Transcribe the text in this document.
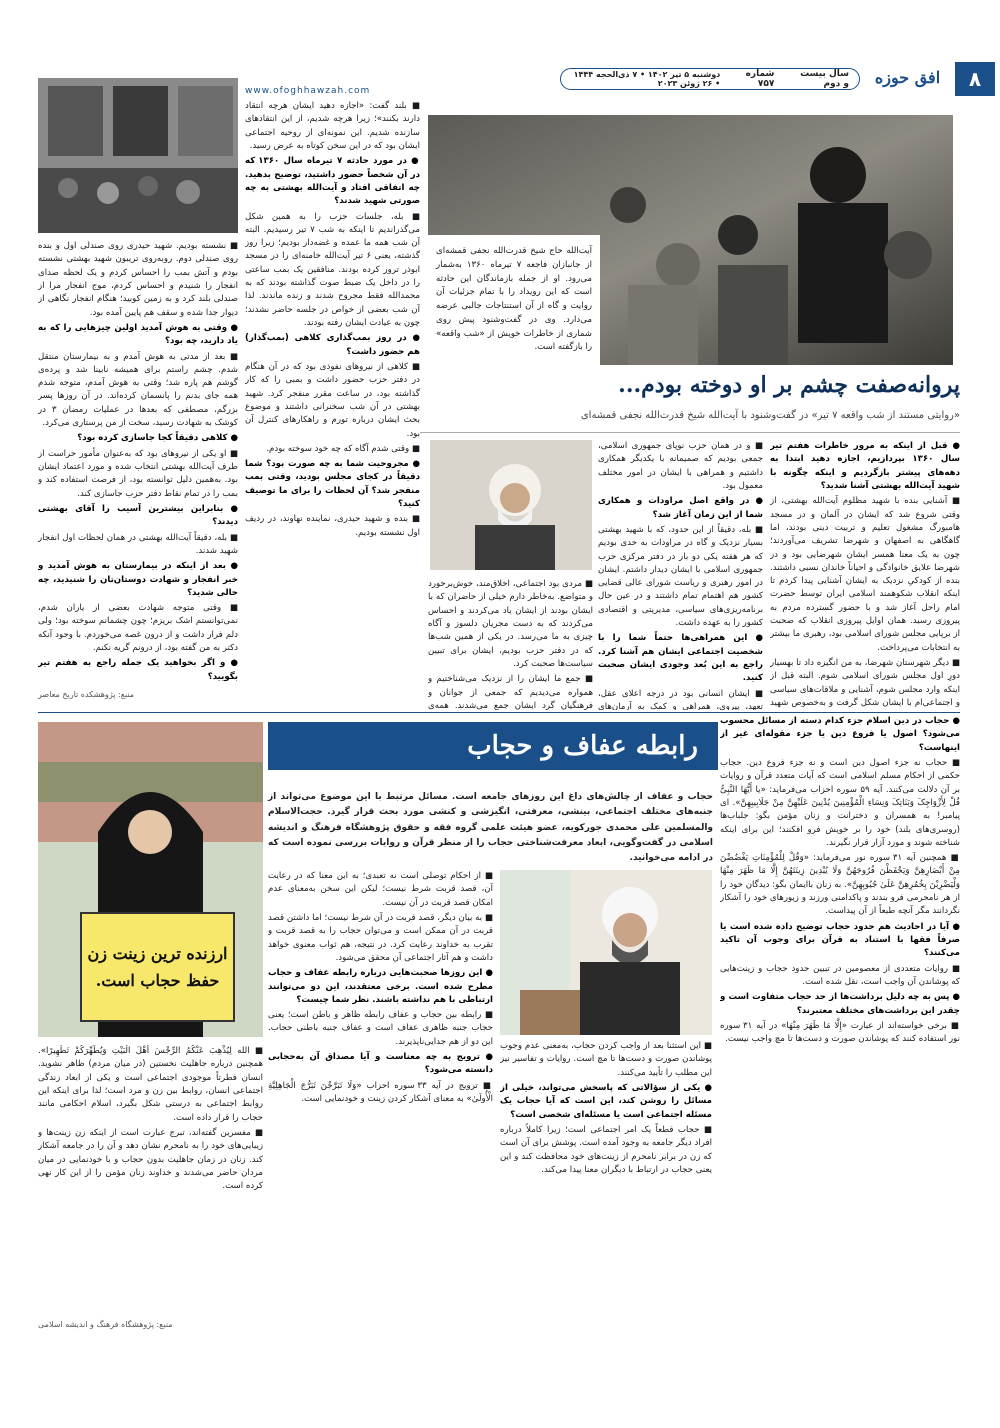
۸
افق حوزه
سال بیست و دوم
شماره ۷۵۷
دوشنبه ۵ تیر ۱۴۰۲ • ۷ ذی‌الحجه ۱۴۴۴ • ۲۶ ژوئن ۲۰۲۳
www.ofoghhawzah.com
آیت‌الله حاج شیخ قدرت‌الله نجفی قمشه‌ای از جانبازان فاجعه ۷ تیرماه ۱۳۶۰ به‌شمار می‌رود. او از جمله بازماندگان این حادثه است که این رویداد را با تمام جزئیات آن روایت و گاه از آن استنتاجات جالبی عرضه می‌دارد. وی در گفت‌وشنود پیش روی شماری از خاطرات خویش از «شب واقعه» را بازگفته است.
پروانه‌صفت چشم بر او دوخته بودم...
«روایتی مستند از شب واقعه ۷ تیر» در گفت‌وشنود با آیت‌الله شیخ قدرت‌الله نجفی قمشه‌ای

● قبل از اینکه به مرور خاطرات هفتم تیر سال ۱۳۶۰ بپردازیم، اجازه دهید ابتدا به دهه‌های پیشتر بازگردیم و اینکه چگونه با شهید آیت‌الله بهشتی آشنا شدید؟

■ آشنایی بنده با شهید مظلوم آیت‌الله بهشتی، از وقتی شروع شد که ایشان در آلمان و در مسجد هامبورگ مشغول تعلیم و تربیت دینی بودند، اما گاهگاهی به اصفهان و شهرضا تشریف می‌آوردند؛ چون به یک معنا همسر ایشان شهرضایی بود و در شهرضا علایق خانوادگی و احیاناً خاندان نسبی داشتند. بنده از کودکیِ نزدیک به ایشان آشنایی پیدا کردم تا اینکه انقلاب شکوهمند اسلامی ایران توسط حضرت امام راحل آغاز شد و با حضور گسترده مردم به پیروزی رسید. همان اوایل پیروزی انقلاب که صحبت از برپایی مجلس شورای اسلامی بود، رهبری ما بیشتر به انتخابات می‌پرداخت.

■ دیگر شهرستان شهرضا، به من انگیزه داد تا بهسیار دورِ اول مجلس شورای اسلامی شوم. البته قبل از اینکه وارد مجلس شوم، آشنایی و ملاقات‌های سیاسی و اجتماعی‌ام با ایشان شکل گرفت و به‌خصوص شهید

■ و در همان حزب نوپای جمهوری اسلامی، جمعی بودیم که صمیمانه با یکدیگر همکاری داشتیم و همراهی با ایشان در امور مختلف معمول بود.

● در واقع اصل مراودات و همکاری شما از این زمان آغاز شد؟

■ بله، دقیقاً از این حدود، که با شهید بهشتی بسیار نزدیک و گاه در مراودات به حدی بودیم که هر هفته یکی دو بار در دفتر مرکزی حزب جمهوری اسلامی با ایشان دیدار داشتم. ایشان در امور رهبری و ریاست شورای عالی قضایی کشور هم اهتمام تمام داشتند و در عین حال برنامه‌ریزی‌های سیاسی، مدیریتی و اقتصادی کشور را به عهده داشت.

● این همراهی‌ها حتماً شما را با شخصیت اجتماعی ایشان هم آشنا کرد. راجع به این بُعد وجودی ایشان صحبت کنید.

■ ایشان انسانی بود در درجه اعلای عقل، تعهد، پیروی، همراهی و کمک به آرمان‌های

■ مردی بود اجتماعی، اخلاق‌مند، خوش‌برخورد و متواضع. به‌خاطر دارم خیلی از حاضران که با ایشان بودند از ایشان یاد می‌کردند و احساس می‌کردند که به دست مجریان دلسوز و آگاه چیزی به ما می‌رسد. در یکی از همین شب‌ها که در دفتر حزب بودیم، ایشان برای تبیین سیاست‌ها صحبت کرد.

■ جمع ما ایشان را از نزدیک می‌شناختیم و همواره می‌دیدیم که جمعی از جوانان و فرهنگیان گرد ایشان جمع می‌شدند. همه‌ی

■ بلند گفت: «اجازه دهید ایشان هرچه انتقاد دارند بکنند»؛ زیرا هرچه شدیم، از این انتقادهای سازنده شدیم. این نمونه‌ای از روحیه اجتماعی ایشان بود که در این سخن کوتاه به عرض رسید.

● در مورد حادثه ۷ تیرماه سال ۱۳۶۰ که در آن شخصاً حضور داشتید، توضیح بدهید. چه اتفاقی افتاد و آیت‌الله بهشتی به چه صورتی شهید شدند؟

■ بله، جلسات حزب را به همین شکل می‌گذراندیم تا اینکه به شب ۷ تیر رسیدیم. البته آن شب همه ما عمده و غضه‌دار بودیم؛ زیرا روز گذشته، یعنی ۶ تیر آیت‌الله خامنه‌ای را در مسجد ابوذر ترور کرده بودند. منافقین یک بمب ساعتی را در داخل یک ضبط صوت گذاشته بودند که به محمدالله فقط مجروح شدند و زنده ماندند. لذا آن شب بعضی از خواص در جلسه حاضر نشدند؛ چون به عیادت ایشان رفته بودند.

● در روز بمب‌گذاری کلاهی (بمب‌گذار) هم حضور داشت؟

■ کلاهی از نیروهای نفوذی بود که در آن هنگام در دفتر حزب حضور داشت و بمبی را که کار گذاشته بود، در ساعت مقرر منفجر کرد. شهید بهشتی در آن شب سخنرانی داشتند و موضوع بحث ایشان درباره تورم و راهکارهای کنترل آن بود.

■ وقتی شدم آگاه که چه خود سوخته بودم.

● مجروحیت شما به چه صورت بود؟ شما دقیقاً در کجای مجلس بودید، وقتی بمب منفجر شد؟ آن لحظات را برای ما توصیف کنید؟

■ بنده و شهید حیدری، نماینده نهاوند، در ردیف اول نشسته بودیم.

■ نشسته بودیم. شهید حیدری روی صندلی اول و بنده روی صندلی دوم. روبه‌روی تریبون شهید بهشتی نشسته بودم و آتش بمب را احساس کردم و یک لحظه صدای انفجار را شنیدم و احساس کردم، موج انفجار مرا از صندلی بلند کرد و به زمین کوبید؛ هنگام انفجار نگاهی از دیوار جدا شده و سقف هم پایین آمده بود.

● وقتی به هوش آمدید اولین چیزهایی را که به یاد دارید، چه بود؟

■ بعد از مدتی به هوش آمدم و به بیمارستان منتقل شدم. چشم راستم برای همیشه نابینا شد و پرده‌ی گوشم هم پاره شد؛ وقتی به هوش آمدم، متوجه شدم همه جای بدنم را پانسمان کرده‌اند. در آن روزها پسر بزرگم، مصطفی که بعدها در عملیات رمضان ۳ در کوشک به شهادت رسید، سخت از من پرستاری می‌کرد.

● کلاهی دقیقاً کجا جاسازی کرده بود؟

■ او یکی از نیروهای بود که به‌عنوان مأمور حراست از طرف آیت‌الله بهشتی انتخاب شده و مورد اعتماد ایشان بود. به‌همین دلیل توانسته بود، از فرصت استفاده کند و بمب را در تمام نقاط دفتر حزب جاسازی کند.

● بنابراین بیشترین آسیب را آقای بهشتی دیدند؟

■ بله، دقیقاً آیت‌الله بهشتی در همان لحظات اول انفجار شهید شدند.

● بعد از اینکه در بیمارستان به هوش آمدید و خبر انفجار و شهادت دوستان‌تان را شنیدید، چه حالی شدید؟

■ وقتی متوجه شهادت بعضی از یاران شدم، نمی‌توانستم اشک بریزم؛ چون چشمانم سوخته بود؛ ولی دلم فرار داشت و از درون غصه می‌خوردم. با وجود آنکه دکتر به من گفته بود، از درونم گریه نکنم.

● و اگر بخواهید یک جمله راجع به هفتم تیر بگویید؟

منبع: پژوهشکده تاریخ معاصر
رابطه عفاف و حجاب
حجاب و عفاف از چالش‌های داغ این روزهای جامعه است. مسائل مرتبط با این موضوع می‌تواند از جنبه‌های مختلف اجتماعی، بینشی، معرفتی، انگیزشی و کنشی مورد بحث قرار گیرد. حجت‌الاسلام والمسلمین علی محمدی جورکویه، عضو هیئت علمی گروه فقه و حقوق پژوهشگاه فرهنگ و اندیشه اسلامی در گفت‌وگویی، ابعاد معرفت‌شناختی حجاب را از منظر قرآن و روایات بررسی نموده است که در ادامه می‌خوانید.
ارزنده ترین زینت زن
حفظ حجاب است.

● حجاب در دین اسلام جزء کدام دسته از مسائل محسوب می‌شود؟ اصول یا فروع دین یا جزء مقوله‌ای غیر از اینهاست؟

■ حجاب نه جزء اصول دین است و نه جزء فروع دین. حجاب حکمی از احکام مسلم اسلامی است که آیات متعدد قرآن و روایات بر آن دلالت می‌کنند. آیه ۵۹ سوره احزاب می‌فرماید: «یا أَیُّهَا النَّبِیُّ قُلْ لِأَزْوَاجِکَ وَبَنَاتِکَ وَنِسَاءِ الْمُؤْمِنِینَ یُدْنِینَ عَلَیْهِنَّ مِنْ جَلَابِیبِهِنَّ». ای پیامبر! به همسران و دخترانت و زنان مؤمن بگو: جلباب‌ها (روسری‌های بلند) خود را بر خویش فرو افکنند؛ این برای اینکه شناخته شوند و مورد آزار قرار نگیرند.

■ همچنین آیه ۳۱ سوره نور می‌فرماید: «وَقُلْ لِلْمُؤْمِنَاتِ یَغْضُضْنَ مِنْ أَبْصَارِهِنَّ وَیَحْفَظْنَ فُرُوجَهُنَّ وَلَا یُبْدِینَ زِینَتَهُنَّ إِلَّا مَا ظَهَرَ مِنْهَا وَلْیَضْرِبْنَ بِخُمُرِهِنَّ عَلَیٰ جُیُوبِهِنَّ». به زنان باایمان بگو: دیدگان خود را از هر نامحرمی فرو بندند و پاکدامنی ورزند و زیورهای خود را آشکار نگردانند مگر آنچه طبعاً از آن پیداست.

● آیا در احادیث هم حدود حجاب توضیح داده شده است یا صرفاً فقها با استناد به قرآن برای وجوب آن تاکید می‌کنند؟

■ روایات متعددی از معصومین در تبیین حدود حجاب و زینت‌هایی که پوشاندن آن واجب است، نقل شده است.

● پس به چه دلیل برداشت‌ها از حد حجاب متفاوت است و چقدر این برداشت‌های مختلف معتبرند؟

■ برخی خواسته‌اند از عبارت «إِلَّا مَا ظَهَرَ مِنْهَا» در آیه ۳۱ سوره نور استفاده کنند که پوشاندن صورت و دست‌ها تا مچ واجب نیست.

■ این استثنا بعد از واجب کردن حجاب، به‌معنی عدم وجوب پوشاندن صورت و دست‌ها تا مچ است. روایات و تفاسیر نیز این مطلب را تأیید می‌کنند.

● یکی از سؤالاتی که پاسخش می‌تواند، خیلی از مسائل را روشن کند، این است که آیا حجاب یک مسئله اجتماعی است یا مسئله‌ای شخصی است؟

■ حجاب قطعاً یک امر اجتماعی است؛ زیرا کاملاً درباره افراد دیگر جامعه به وجود آمده است. پوشش برای آن است که زن در برابر نامحرم از زینت‌های خود محافظت کند و این یعنی حجاب در ارتباط با دیگران معنا پیدا می‌کند.

■ از احکام توصلی است نه تعبدی؛ به این معنا که در رعایت آن، قصد قربت شرط نیست؛ لیکن این سخن به‌معنای عدم امکان قصد قربت در آن نیست.

■ به بیان دیگر، قصد قربت در آن شرط نیست؛ اما داشتن قصد قربت در آن ممکن است و می‌توان حجاب را به قصد قربت و تقرب به خداوند رعایت کرد. در نتیجه، هم ثواب معنوی خواهد داشت و هم آثار اجتماعی آن محقق می‌شود.

● این روزها صحبت‌هایی درباره رابطه عفاف و حجاب مطرح شده است. برخی معتقدند، این دو می‌توانند ارتباطی با هم نداشته باشند. نظر شما چیست؟

■ رابطه بین حجاب و عفاف رابطه ظاهر و باطن است؛ یعنی حجاب جنبه ظاهری عفاف است و عفاف جنبه باطنی حجاب. این دو از هم جدایی‌ناپذیرند.

● ترویج به چه معناست و آیا مصداق آن به‌حجابی دانسته می‌شود؟

■ ترویج در آیه ۳۳ سوره احزاب «وَلَا تَبَرَّجْنَ تَبَرُّجَ الْجَاهِلِیَّةِ الْأُولَیٰ» به معنای آشکار کردن زینت و خودنمایی است.

■ الله لِیُذْهِبَ عَنْکُمُ الرِّجْسَ أَهْلَ الْبَیْتِ وَیُطَهِّرَکُمْ تَطْهِیرًا». همچنین درباره جاهلیت نخستین (در میان مردم) ظاهر نشوید. انسان فطرتاً موجودی اجتماعی است و یکی از ابعاد زندگی اجتماعی انسان، روابط بین زن و مرد است؛ لذا برای اینکه این روابط اجتماعی به درستی شکل بگیرد، اسلام احکامی مانند حجاب را قرار داده است.

■ مفسرین گفته‌اند، تبرج عبارت است از اینکه زن زینت‌ها و زیبایی‌های خود را به نامحرم نشان دهد و آن را در جامعه آشکار کند. زنان در زمان جاهلیت بدون حجاب و با خودنمایی در میان مردان حاضر می‌شدند و خداوند زنان مؤمن را از این کار نهی کرده است.

منبع: پژوهشگاه فرهنگ و اندیشه اسلامی
